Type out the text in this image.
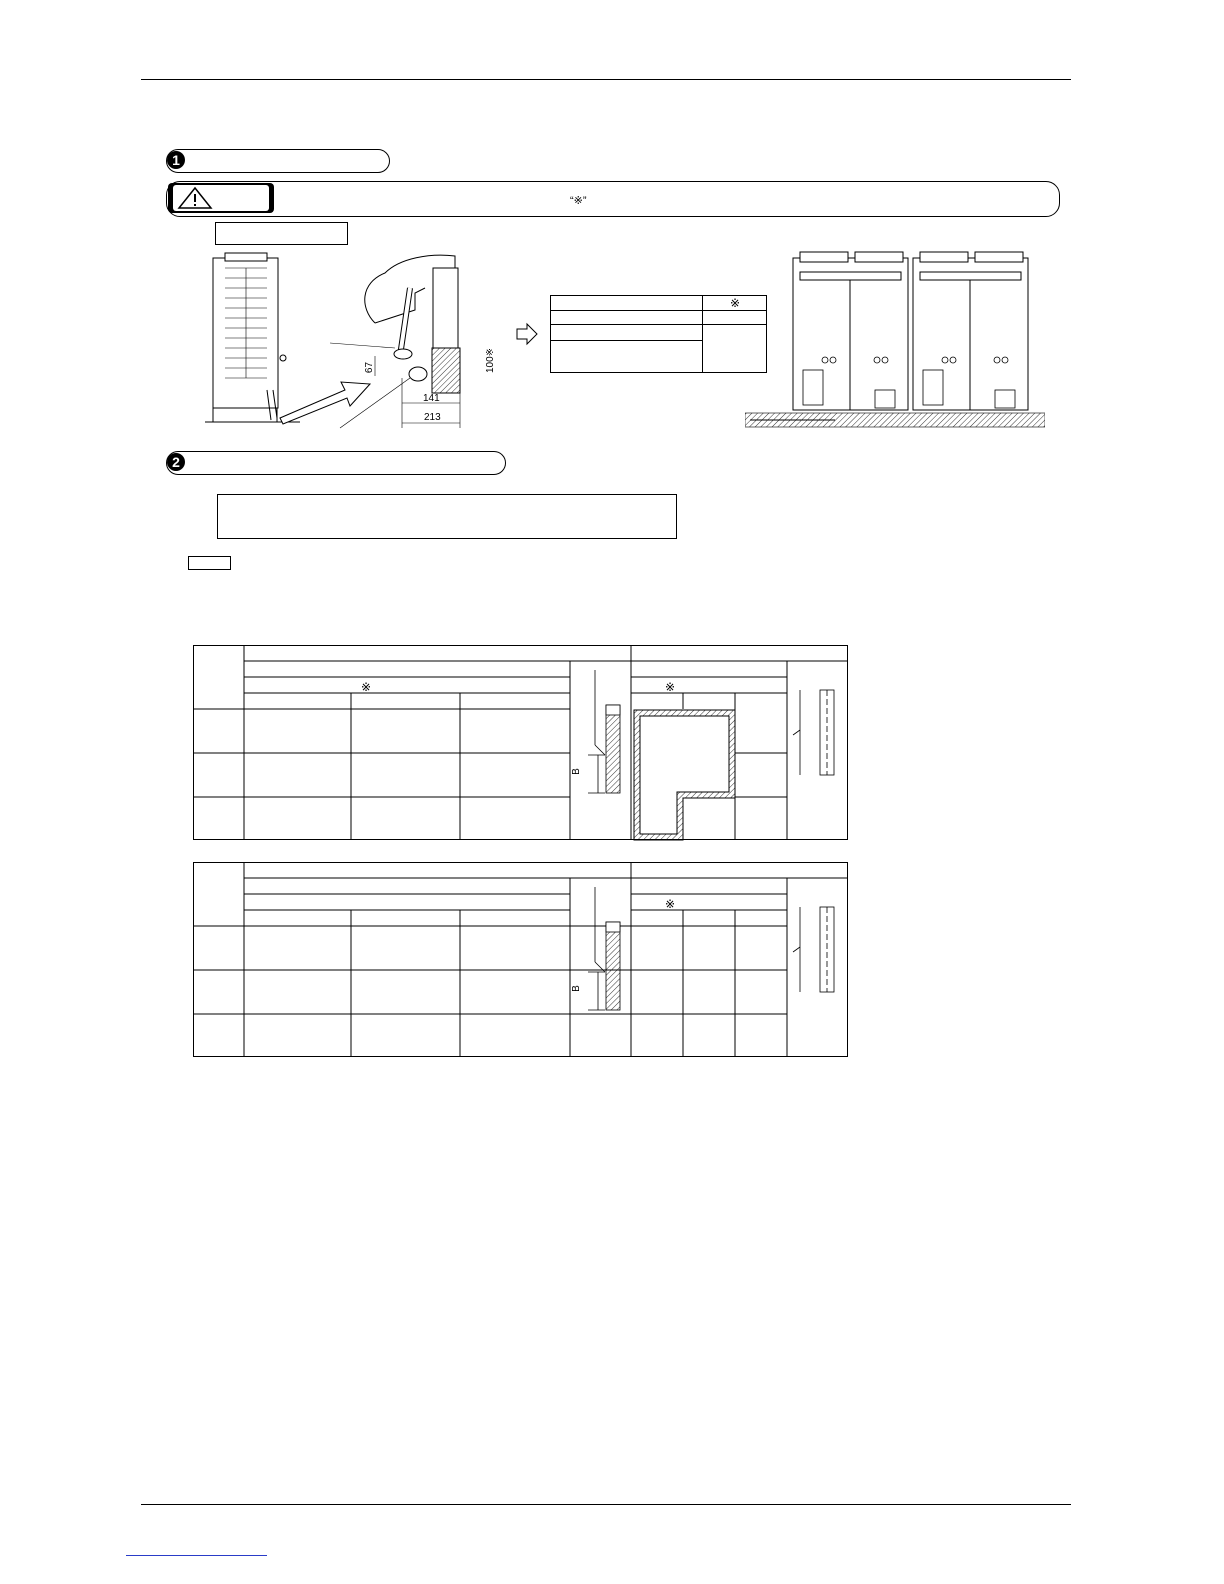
1
“※”
67	100※
141
213
※
2
※	※
B
※
B
